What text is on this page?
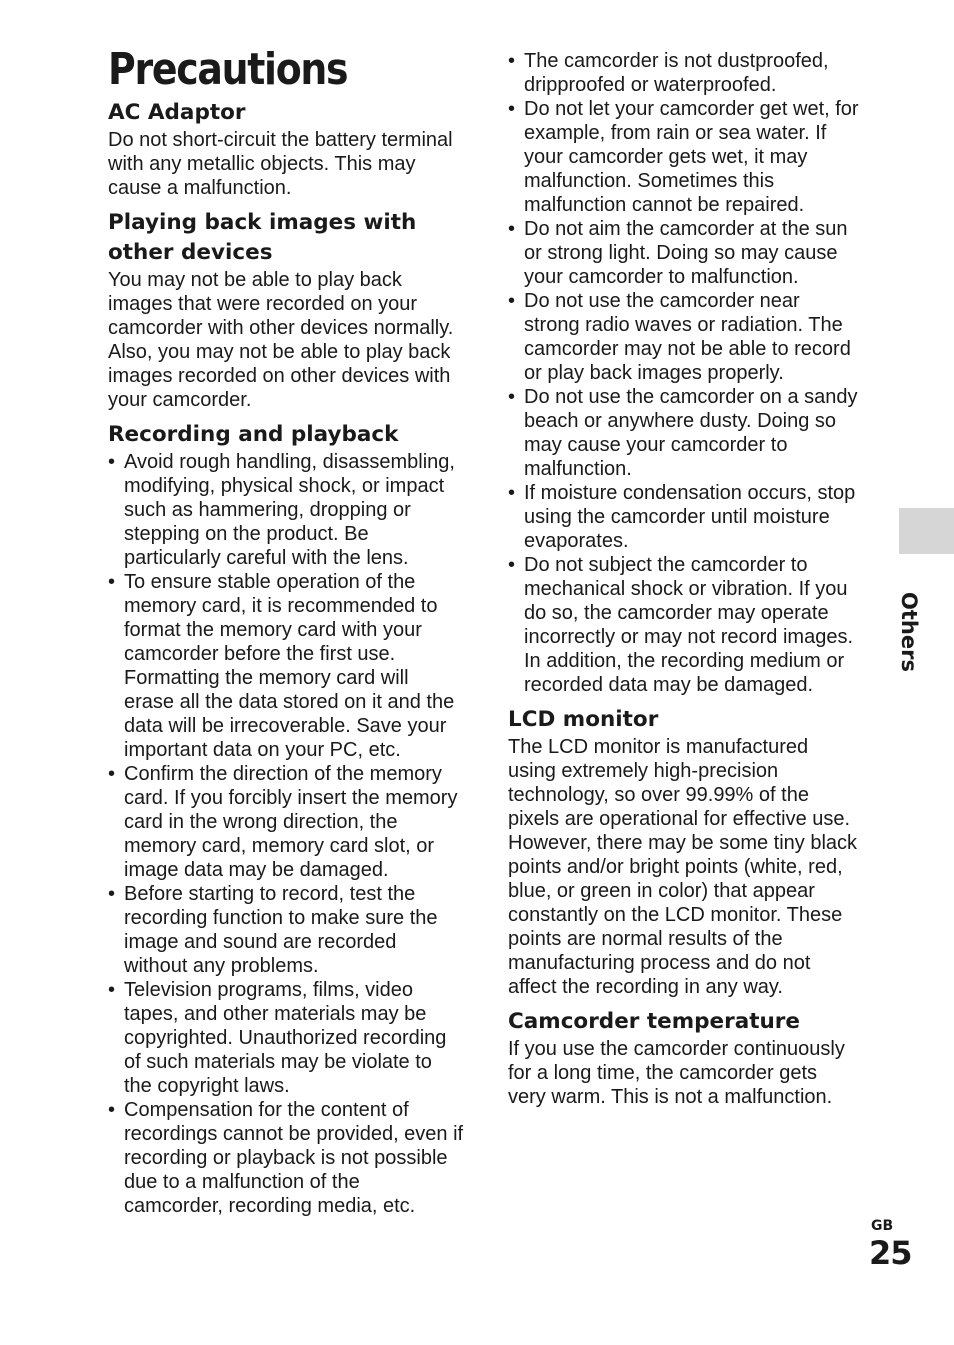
Precautions
AC Adaptor

Do not short-circuit the battery terminal with any metallic objects. This may cause a malfunction.

Playing back images with other devices

You may not be able to play back images that were recorded on your camcorder with other devices normally. Also, you may not be able to play back images recorded on other devices with your camcorder.

Recording and playback
• Avoid rough handling, disassembling, modifying, physical shock, or impact such as hammering, dropping or stepping on the product. Be particularly careful with the lens.
• To ensure stable operation of the memory card, it is recommended to format the memory card with your camcorder before the first use. Formatting the memory card will erase all the data stored on it and the data will be irrecoverable. Save your important data on your PC, etc.
• Confirm the direction of the memory card. If you forcibly insert the memory card in the wrong direction, the memory card, memory card slot, or image data may be damaged.
• Before starting to record, test the recording function to make sure the image and sound are recorded without any problems.
• Television programs, films, video tapes, and other materials may be copyrighted. Unauthorized recording of such materials may be violate to the copyright laws.
• Compensation for the content of recordings cannot be provided, even if recording or playback is not possible due to a malfunction of the camcorder, recording media, etc.
• The camcorder is not dustproofed, dripproofed or waterproofed.
• Do not let your camcorder get wet, for example, from rain or sea water. If your camcorder gets wet, it may malfunction. Sometimes this malfunction cannot be repaired.
• Do not aim the camcorder at the sun or strong light. Doing so may cause your camcorder to malfunction.
• Do not use the camcorder near strong radio waves or radiation. The camcorder may not be able to record or play back images properly.
• Do not use the camcorder on a sandy beach or anywhere dusty. Doing so may cause your camcorder to malfunction.
• If moisture condensation occurs, stop using the camcorder until moisture evaporates.
• Do not subject the camcorder to mechanical shock or vibration. If you do so, the camcorder may operate incorrectly or may not record images. In addition, the recording medium or recorded data may be damaged.
LCD monitor

The LCD monitor is manufactured using extremely high-precision technology, so over 99.99% of the pixels are operational for effective use. However, there may be some tiny black points and/or bright points (white, red, blue, or green in color) that appear constantly on the LCD monitor. These points are normal results of the manufacturing process and do not affect the recording in any way.

Camcorder temperature

If you use the camcorder continuously for a long time, the camcorder gets very warm. This is not a malfunction.

Others
GB
25
